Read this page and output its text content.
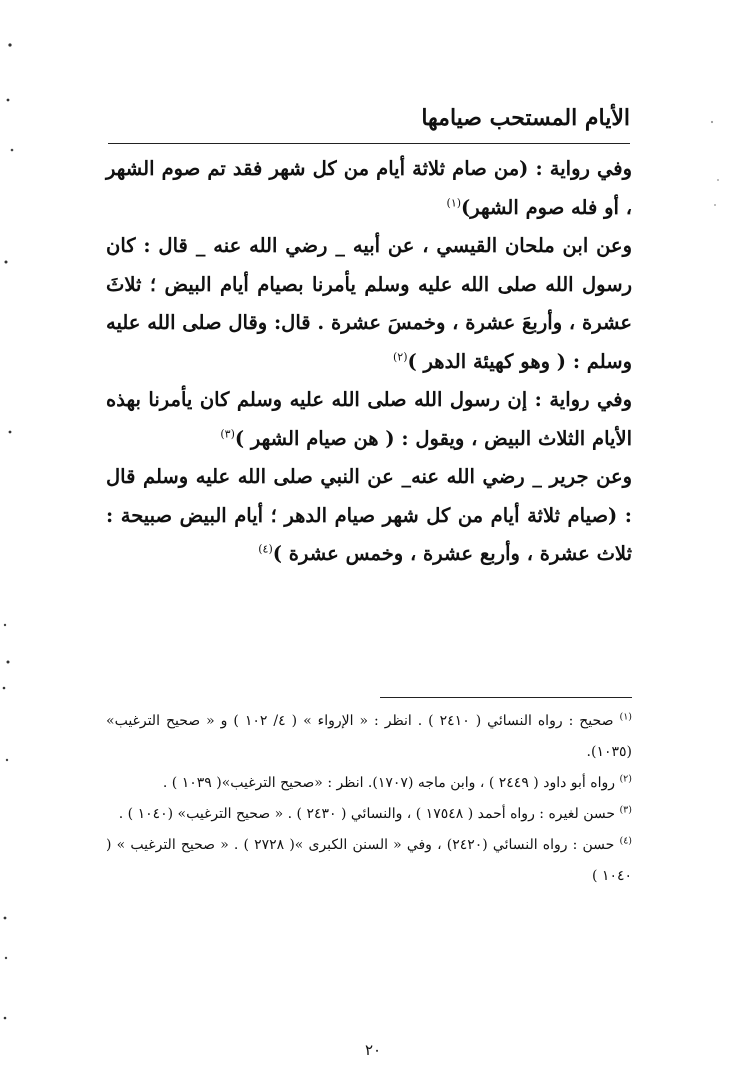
الأيام المستحب صيامها

وفي رواية : (من صام ثلاثة أيام من كل شهر فقد تم صوم الشهر ، أو فله صوم الشهر)$^{(١)}$

وعن ابن ملحان القيسي ، عن أبيه _ رضي الله عنه _ قال : كان رسول الله صلى الله عليه وسلم يأمرنا بصيام أيام البيض ؛ ثلاثَ عشرة ، وأربعَ عشرة ، وخمسَ عشرة . قال: وقال صلى الله عليه وسلم : ( وهو كهيئة الدهر )$^{(٢)}$

وفي رواية : إن رسول الله صلى الله عليه وسلم كان يأمرنا بهذه الأيام الثلاث البيض ، ويقول : ( هن صيام الشهر )$^{(٣)}$

وعن جرير _ رضي الله عنه_ عن النبي صلى الله عليه وسلم قال : (صيام ثلاثة أيام من كل شهر صيام الدهر ؛ أيام البيض صبيحة : ثلاث عشرة ، وأربع عشرة ، وخمس عشرة )$^{(٤)}$

$^{(١)}$ صحيح : رواه النسائي ( ٢٤١٠ ) . انظر : « الإرواء » ( ٤/ ١٠٢ ) و « صحيح الترغيب» (١٠٣٥).

$^{(٢)}$ رواه أبو داود ( ٢٤٤٩ ) ، وابن ماجه (١٧٠٧). انظر : «صحيح الترغيب»( ١٠٣٩ ) .

$^{(٣)}$ حسن لغيره : رواه أحمد ( ١٧٥٤٨ ) ، والنسائي ( ٢٤٣٠ ) . « صحيح الترغيب» (١٠٤٠ ) .

$^{(٤)}$ حسن : رواه النسائي (٢٤٢٠) ، وفي « السنن الكبرى »( ٢٧٢٨ ) . « صحيح الترغيب » ( ١٠٤٠ )

٢٠
